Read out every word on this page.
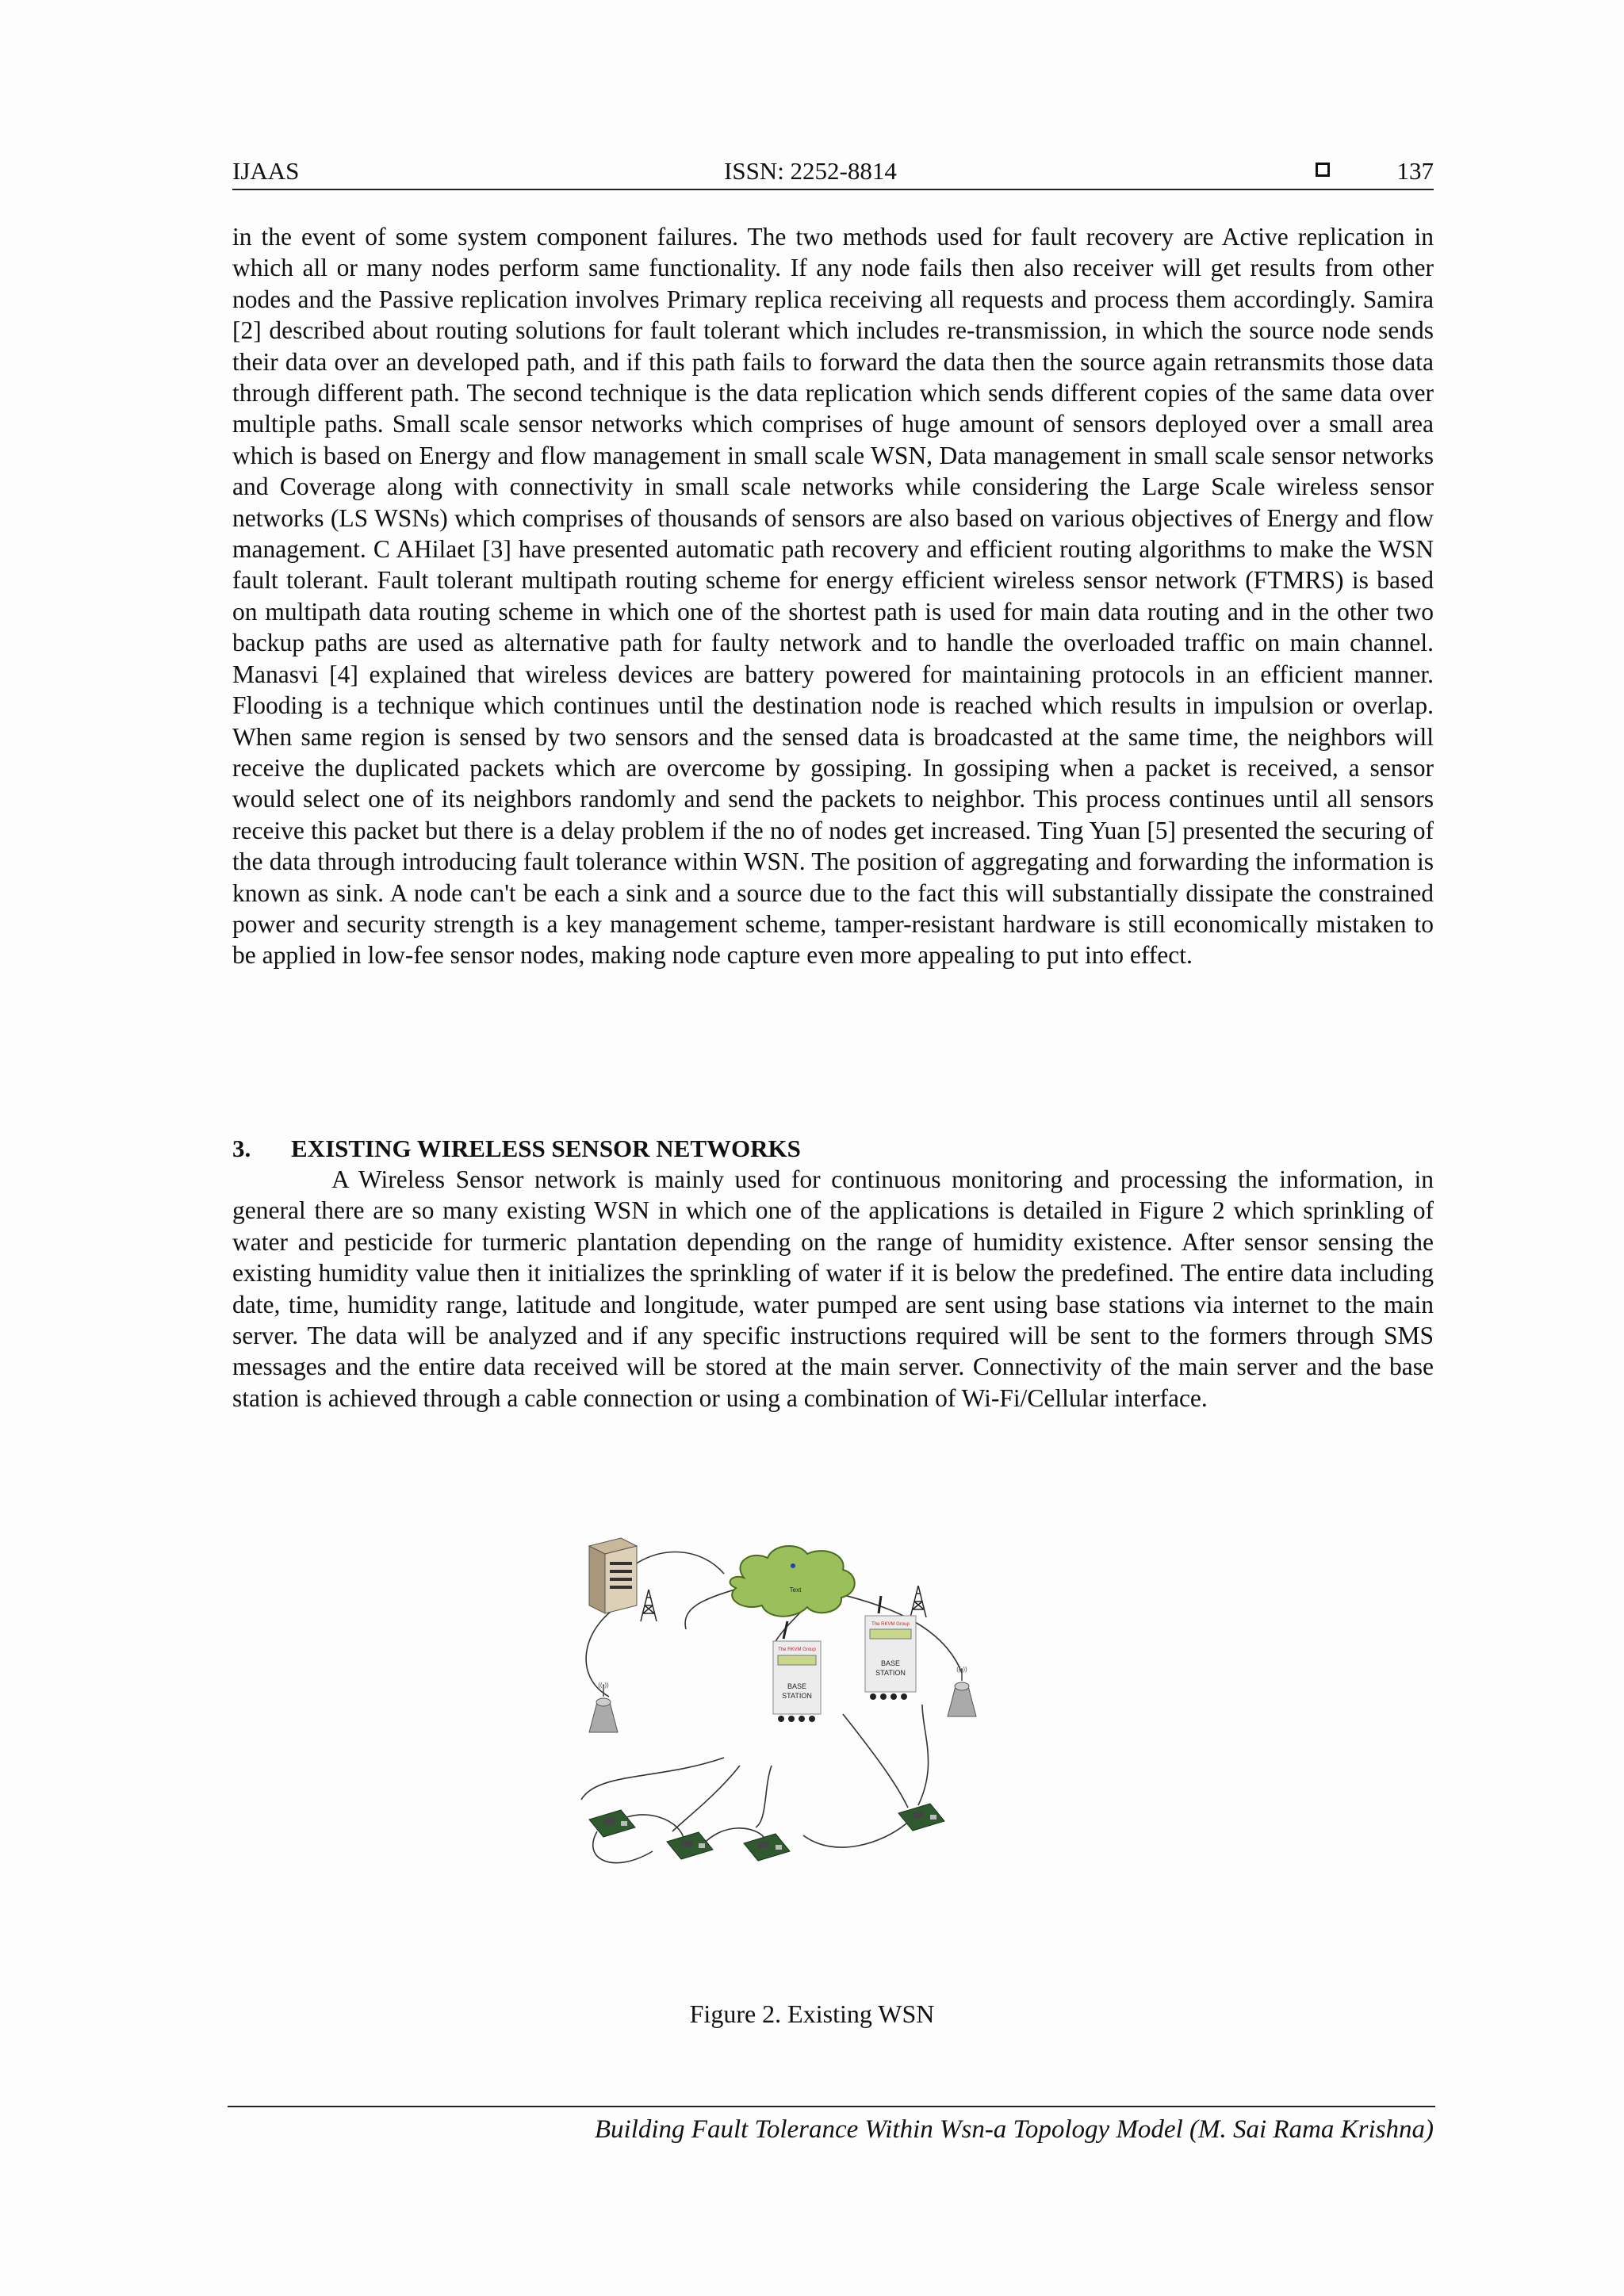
IJAAS	ISSN: 2252-8814	137

in the event of some system component failures. The two methods used for fault recovery are Active replication in which all or many nodes perform same functionality. If any node fails then also receiver will get results from other nodes and the Passive replication involves Primary replica receiving all requests and process them accordingly. Samira [2] described about routing solutions for fault tolerant which includes re-transmission, in which the source node sends their data over an developed path, and if this path fails to forward the data then the source again retransmits those data through different path. The second technique is the data replication which sends different copies of the same data over multiple paths. Small scale sensor networks which comprises of huge amount of sensors deployed over a small area which is based on Energy and flow management in small scale WSN, Data management in small scale sensor networks and Coverage along with connectivity in small scale networks while considering the Large Scale wireless sensor networks (LS WSNs) which comprises of thousands of sensors are also based on various objectives of Energy and flow management. C AHilaet [3] have presented automatic path recovery and efficient routing algorithms to make the WSN fault tolerant. Fault tolerant multipath routing scheme for energy efficient wireless sensor network (FTMRS) is based on multipath data routing scheme in which one of the shortest path is used for main data routing and in the other two backup paths are used as alternative path for faulty network and to handle the overloaded traffic on main channel. Manasvi [4] explained that wireless devices are battery powered for maintaining protocols in an efficient manner. Flooding is a technique which continues until the destination node is reached which results in impulsion or overlap. When same region is sensed by two sensors and the sensed data is broadcasted at the same time, the neighbors will receive the duplicated packets which are overcome by gossiping. In gossiping when a packet is received, a sensor would select one of its neighbors randomly and send the packets to neighbor. This process continues until all sensors receive this packet but there is a delay problem if the no of nodes get increased. Ting Yuan [5] presented the securing of the data through introducing fault tolerance within WSN. The position of aggregating and forwarding the information is known as sink. A node can't be each a sink and a source due to the fact this will substantially dissipate the constrained power and security strength is a key management scheme, tamper-resistant hardware is still economically mistaken to be applied in low-fee sensor nodes, making node capture even more appealing to put into effect.

3. EXISTING WIRELESS SENSOR NETWORKS

A Wireless Sensor network is mainly used for continuous monitoring and processing the information, in general there are so many existing WSN in which one of the applications is detailed in Figure 2 which sprinkling of water and pesticide for turmeric plantation depending on the range of humidity existence. After sensor sensing the existing humidity value then it initializes the sprinkling of water if it is below the predefined. The entire data including date, time, humidity range, latitude and longitude, water pumped are sent using base stations via internet to the main server. The data will be analyzed and if any specific instructions required will be sent to the formers through SMS messages and the entire data received will be stored at the main server. Connectivity of the main server and the base station is achieved through a cable connection or using a combination of Wi-Fi/Cellular interface.

Text
((•))
((•))
The RKVM Group
BASE
STATION
The RKVM Group
BASE
STATION
Figure 2. Existing WSN
Building Fault Tolerance Within Wsn-a Topology Model (M. Sai Rama Krishna)
